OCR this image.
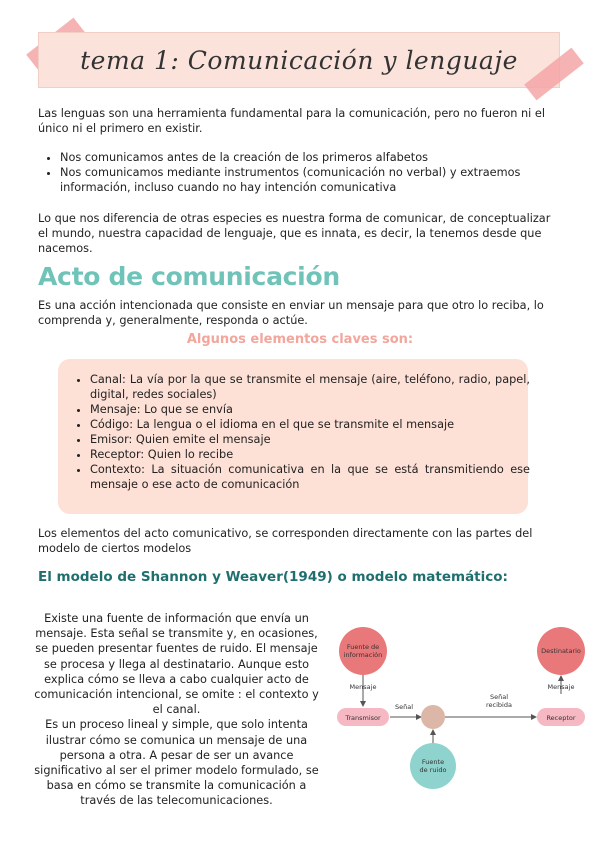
tema 1: Comunicación y lenguaje
Las lenguas son una herramienta fundamental para la comunicación, pero no fueron ni el único ni el primero en existir.
• Nos comunicamos antes de la creación de los primeros alfabetos
• Nos comunicamos mediante instrumentos (comunicación no verbal) y extraemos información, incluso cuando no hay intención comunicativa
Lo que nos diferencia de otras especies es nuestra forma de comunicar, de conceptualizar el mundo, nuestra capacidad de lenguaje, que es innata, es decir, la tenemos desde que nacemos.
Acto de comunicación
Es una acción intencionada que consiste en enviar un mensaje para que otro lo reciba, lo comprenda y, generalmente, responda o actúe.
Algunos elementos claves son:
• Canal: La vía por la que se transmite el mensaje (aire, teléfono, radio, papel, digital, redes sociales)
• Mensaje: Lo que se envía
• Código: La lengua o el idioma en el que se transmite el mensaje
• Emisor: Quien emite el mensaje
• Receptor: Quien lo recibe
• Contexto: La situación comunicativa en la que se está transmitiendo ese mensaje o ese acto de comunicación
Los elementos del acto comunicativo, se corresponden directamente con las partes del modelo de ciertos modelos
El modelo de Shannon y Weaver(1949) o modelo matemático:

Existe una fuente de información que envía un mensaje. Esta señal se transmite y, en ocasiones, se pueden presentar fuentes de ruido. El mensaje se procesa y llega al destinatario. Aunque esto explica cómo se lleva a cabo cualquier acto de comunicación intencional, se omite : el contexto y el canal.

Es un proceso lineal y simple, que solo intenta ilustrar cómo se comunica un mensaje de una persona a otra. A pesar de ser un avance significativo al ser el primer modelo formulado, se basa en cómo se transmite la comunicación a través de las telecomunicaciones.

Fuente de
información	Destinatario
Mensaje	Mensaje
Transmisor
Señal
Señal
recibida
Receptor
Fuente
de ruido
